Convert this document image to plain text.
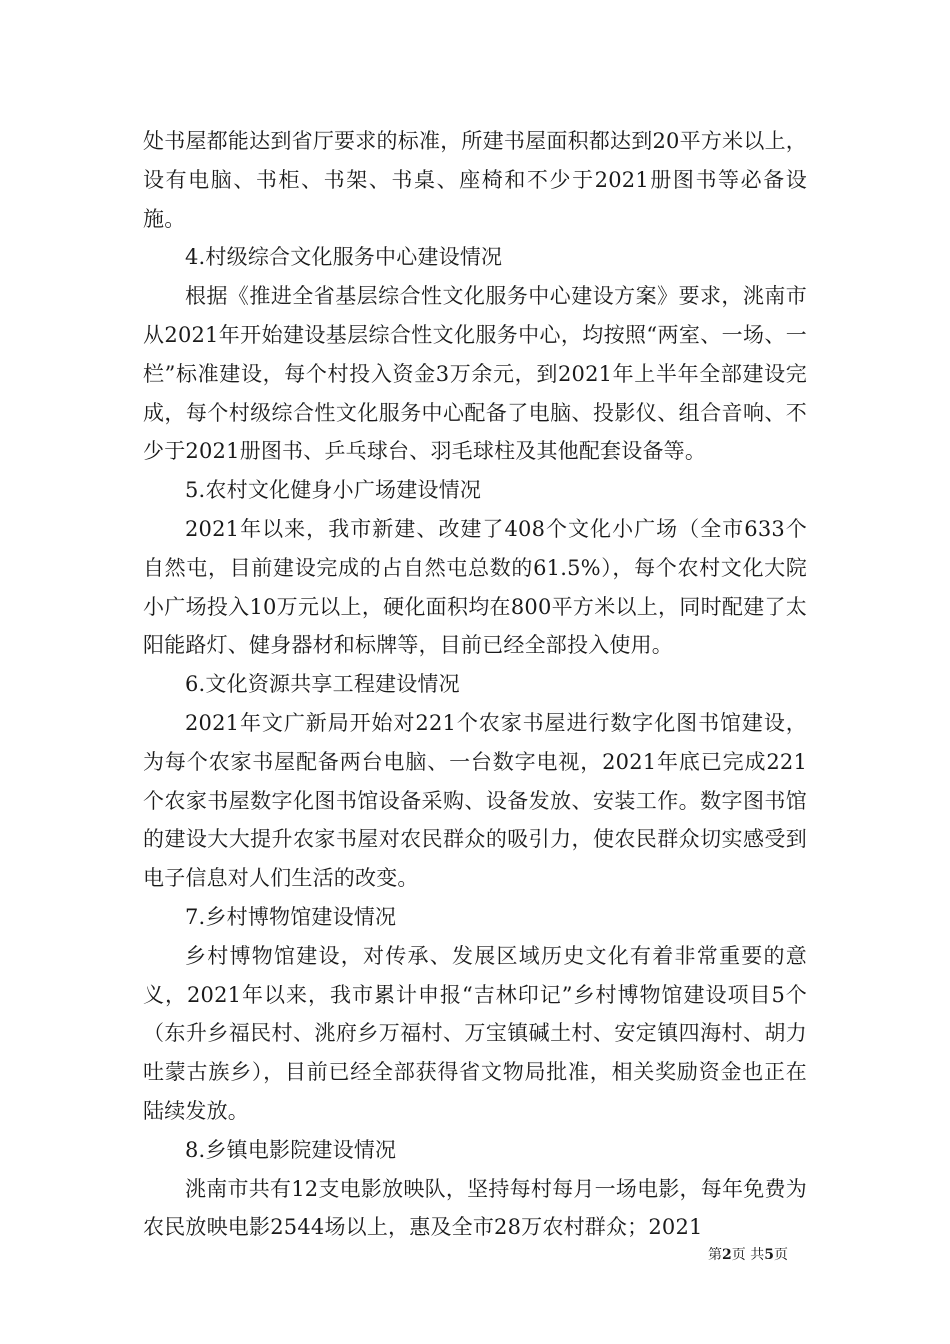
处书屋都能达到省厅要求的标准，所建书屋面积都达到20平方米以上，设有电脑、书柜、书架、书桌、座椅和不少于2021册图书等必备设施。

4.村级综合文化服务中心建设情况

根据《推进全省基层综合性文化服务中心建设方案》要求，洮南市从2021年开始建设基层综合性文化服务中心，均按照“两室、一场、一栏”标准建设，每个村投入资金3万余元，到2021年上半年全部建设完成，每个村级综合性文化服务中心配备了电脑、投影仪、组合音响、不少于2021册图书、乒乓球台、羽毛球柱及其他配套设备等。

5.农村文化健身小广场建设情况

2021年以来，我市新建、改建了408个文化小广场（全市633个自然屯，目前建设完成的占自然屯总数的61.5%），每个农村文化大院小广场投入10万元以上，硬化面积均在800平方米以上，同时配建了太阳能路灯、健身器材和标牌等，目前已经全部投入使用。

6.文化资源共享工程建设情况

2021年文广新局开始对221个农家书屋进行数字化图书馆建设，为每个农家书屋配备两台电脑、一台数字电视，2021年底已完成221个农家书屋数字化图书馆设备采购、设备发放、安装工作。数字图书馆的建设大大提升农家书屋对农民群众的吸引力，使农民群众切实感受到电子信息对人们生活的改变。

7.乡村博物馆建设情况

乡村博物馆建设，对传承、发展区域历史文化有着非常重要的意义，2021年以来，我市累计申报“吉林印记”乡村博物馆建设项目5个（东升乡福民村、洮府乡万福村、万宝镇碱土村、安定镇四海村、胡力吐蒙古族乡），目前已经全部获得省文物局批准，相关奖励资金也正在陆续发放。

8.乡镇电影院建设情况

洮南市共有12支电影放映队，坚持每村每月一场电影，每年免费为农民放映电影2544场以上，惠及全市28万农村群众；2021

第2页 共5页
